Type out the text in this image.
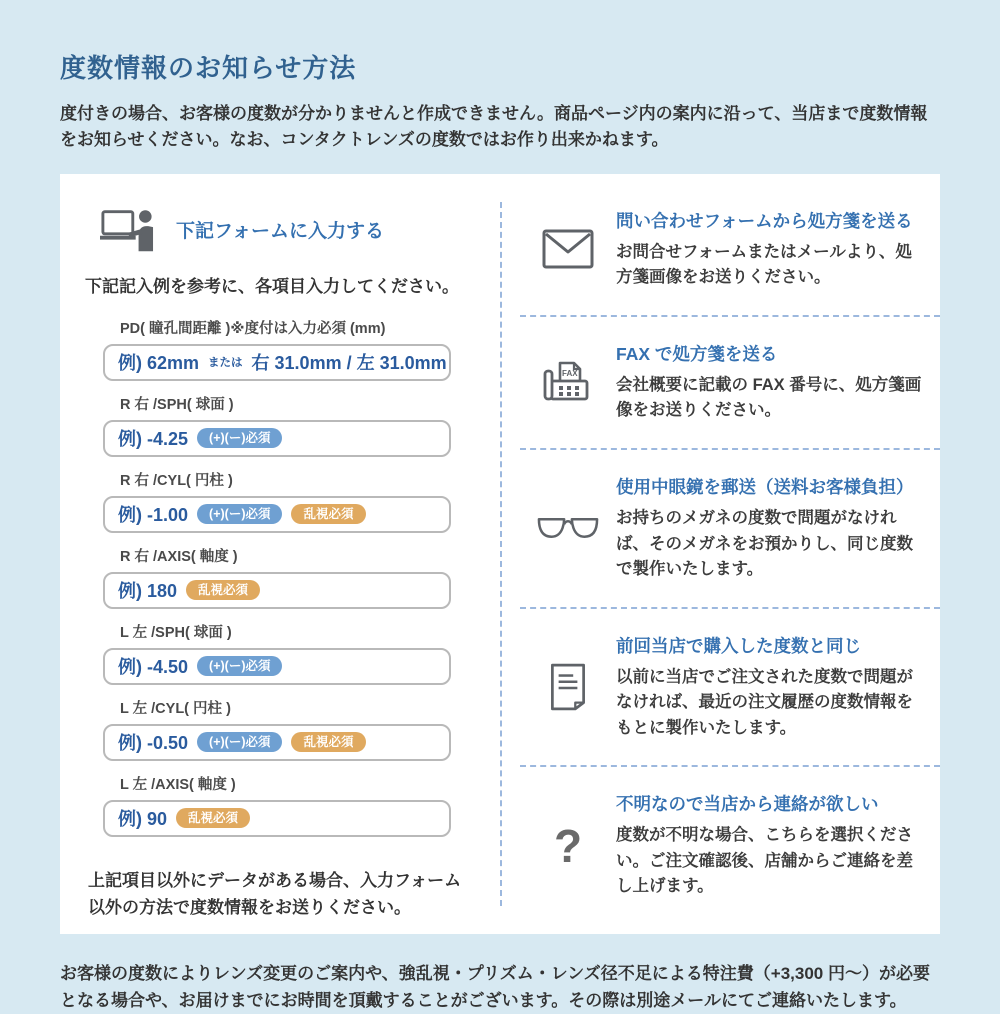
度数情報のお知らせ方法

度付きの場合、お客様の度数が分かりませんと作成できません。商品ページ内の案内に沿って、当店まで度数情報をお知らせください。なお、コンタクトレンズの度数ではお作り出来かねます。

下記フォームに入力する

下記記入例を参考に、各項目入力してください。

PD( 瞳孔間距離 )※度付は入力必須 (mm)
例) 62mm または 右 31.0mm / 左 31.0mm
R 右 /SPH( 球面 )
例) -4.25	(+)(ー)必須
R 右 /CYL( 円柱 )
例) -1.00	(+)(ー)必須	乱視必須
R 右 /AXIS( 軸度 )
例) 180	乱視必須
L 左 /SPH( 球面 )
例) -4.50	(+)(ー)必須
L 左 /CYL( 円柱 )
例) -0.50	(+)(ー)必須	乱視必須
L 左 /AXIS( 軸度 )
例) 90	乱視必須

上記項目以外にデータがある場合、入力フォーム以外の方法で度数情報をお送りください。

問い合わせフォームから処方箋を送る
お問合せフォームまたはメールより、処方箋画像をお送りください。
FAX
FAX で処方箋を送る
会社概要に記載の FAX 番号に、処方箋画像をお送りください。
使用中眼鏡を郵送（送料お客様負担）
お持ちのメガネの度数で問題がなければ、そのメガネをお預かりし、同じ度数で製作いたします。
前回当店で購入した度数と同じ
以前に当店でご注文された度数で問題がなければ、最近の注文履歴の度数情報をもとに製作いたします。
?
不明なので当店から連絡が欲しい
度数が不明な場合、こちらを選択ください。ご注文確認後、店舗からご連絡を差し上げます。

お客様の度数によりレンズ変更のご案内や、強乱視・プリズム・レンズ径不足による特注費（+3,300 円～）が必要となる場合や、お届けまでにお時間を頂戴することがございます。その際は別途メールにてご連絡いたします。
